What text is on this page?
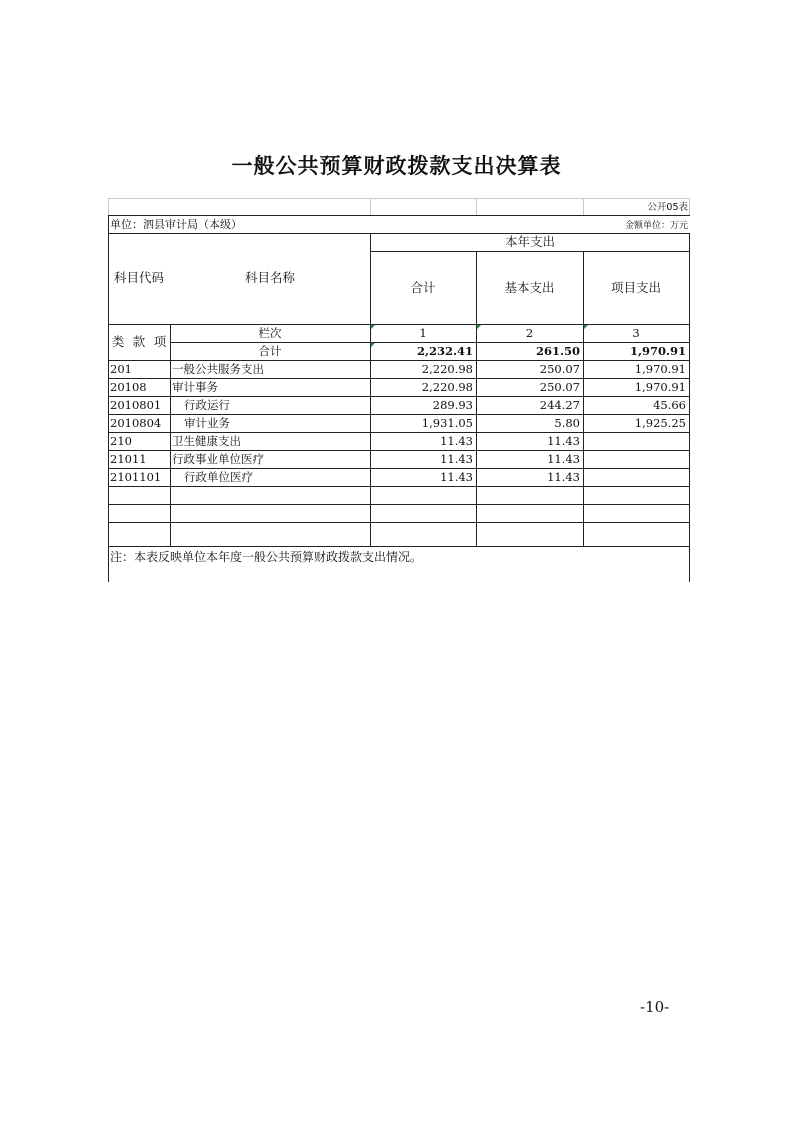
一般公共预算财政拨款支出决算表
公开05表
单位：泗县审计局（本级）	金额单位：万元
科目代码	科目名称
本年支出
合计	基本支出	项目支出
类 款 项
栏次	1	2	3
合计	2,232.41	261.50	1,970.91
201	一般公共服务支出	2,220.98	250.07	1,970.91
20108 审计事务	2,220.98	250.07	1,970.91
2010801 行政运行	289.93	244.27	45.66
2010804 审计业务	1,931.05	5.80	1,925.25
210	卫生健康支出	11.43	11.43
21011 行政事业单位医疗	11.43	11.43
2101101 行政单位医疗	11.43	11.43
注：本表反映单位本年度一般公共预算财政拨款支出情况。
-10-
